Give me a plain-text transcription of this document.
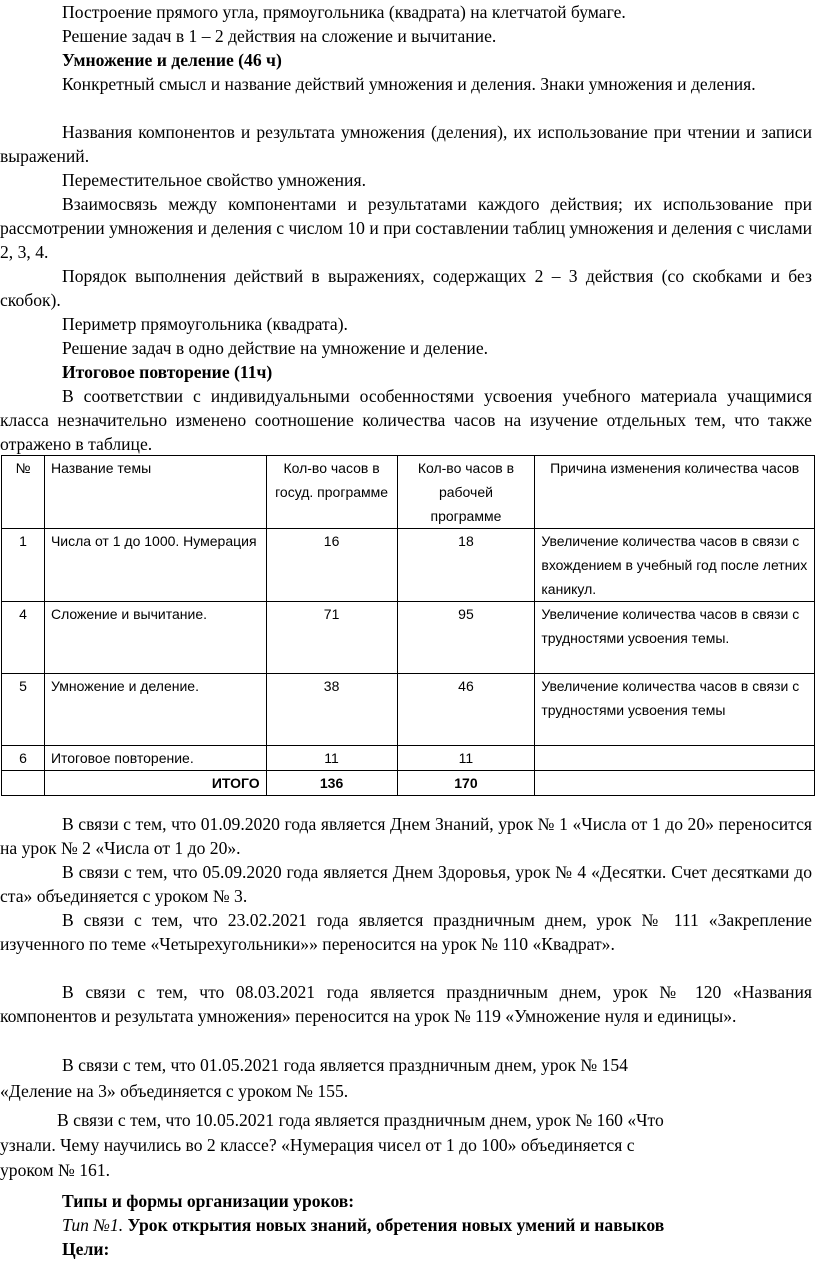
Построение прямого угла, прямоугольника (квадрата) на клетчатой бумаге.

Решение задач в 1 – 2 действия на сложение и вычитание.

Умножение и деление (46 ч)

Конкретный смысл и название действий умножения и деления. Знаки умножения и деления.

Названия компонентов и результата умножения (деления), их использование при чтении и записи выражений.

Переместительное свойство умножения.

Взаимосвязь между компонентами и результатами каждого действия; их использование при рассмотрении умножения и деления с числом 10 и при составлении таблиц умножения и деления с числами 2, 3, 4.

Порядок выполнения действий в выражениях, содержащих 2 – 3 действия (со скобками и без скобок).

Периметр прямоугольника (квадрата).

Решение задач в одно действие на умножение и деление.

Итоговое повторение (11ч)

В соответствии с индивидуальными особенностями усвоения учебного материала учащимися класса незначительно изменено соотношение количества часов на изучение отдельных тем, что также отражено в таблице.

№	Название темы	Кол-во часов в госуд. программе	Кол-во часов в рабочей программе	Причина изменения количества часов
1	Числа от 1 до 1000. Нумерация	16	18	Увеличение количества часов в связи с вхождением в учебный год после летних каникул.
4	Сложение и вычитание.	71	95	Увеличение количества часов в связи с трудностями усвоения темы.
5	Умножение и деление.	38	46	Увеличение количества часов в связи с трудностями усвоения темы
6	Итоговое повторение.	11	11	
	ИТОГО	136	170	

В связи с тем, что 01.09.2020 года является Днем Знаний, урок № 1 «Числа от 1 до 20» переносится на урок № 2 «Числа от 1 до 20».

В связи с тем, что 05.09.2020 года является Днем Здоровья, урок № 4 «Десятки. Счет десятками до ста» объединяется с уроком № 3.

В связи с тем, что 23.02.2021 года является праздничным днем, урок № 111 «Закрепление изученного по теме «Четырехугольники»» переносится на урок № 110 «Квадрат».

В связи с тем, что 08.03.2021 года является праздничным днем, урок № 120 «Названия компонентов и результата умножения» переносится на урок № 119 «Умножение нуля и единицы».

В связи с тем, что 01.05.2021 года является праздничным днем, урок № 154

«Деление на 3» объединяется с уроком № 155.

В связи с тем, что 10.05.2021 года является праздничным днем, урок № 160 «Что

узнали. Чему научились во 2 классе? «Нумерация чисел от 1 до 100» объединяется с

уроком № 161.

Типы и формы организации уроков:

Тип №1. Урок открытия новых знаний, обретения новых умений и навыков

Цели:
